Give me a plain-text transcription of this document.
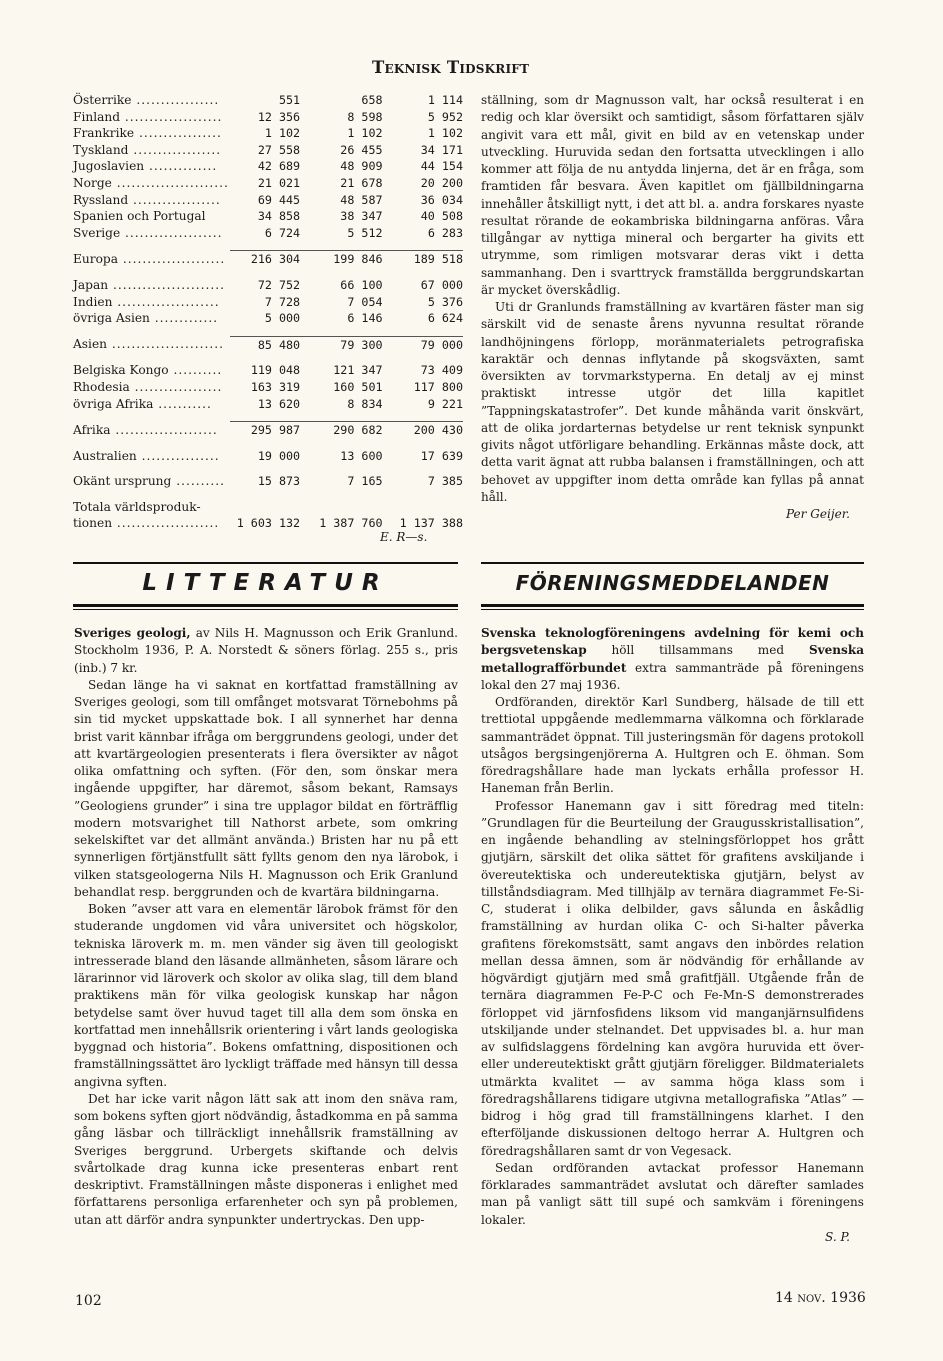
Teknisk Tidskrift
Österrike .................	551	658	1 114
Finland ....................	12 356	8 598	5 952
Frankrike .................	1 102	1 102	1 102
Tyskland ..................	27 558	26 455	34 171
Jugoslavien ..............	42 689	48 909	44 154
Norge .......................	21 021	21 678	20 200
Ryssland ..................	69 445	48 587	36 034
Spanien och Portugal	34 858	38 347	40 508
Sverige ....................	6 724	5 512	6 283

Europa .....................	216 304	199 846	189 518

Japan .......................	72 752	66 100	67 000
Indien .....................	7 728	7 054	5 376
övriga Asien .............	5 000	6 146	6 624

Asien .......................	85 480	79 300	79 000

Belgiska Kongo ..........	119 048	121 347	73 409
Rhodesia ..................	163 319	160 501	117 800
övriga Afrika ...........	13 620	8 834	9 221

Afrika .....................	295 987	290 682	200 430

Australien ................	19 000	13 600	17 639

Okänt ursprung ..........	15 873	7 165	7 385

Totala världsproduk-			
tionen .....................	1 603 132	1 387 760	1 137 388
E. R—s.

ställning, som dr Magnusson valt, har också resulterat i en redig och klar översikt och samtidigt, såsom författaren själv angivit vara ett mål, givit en bild av en vetenskap under utveckling. Huruvida sedan den fortsatta utvecklingen i allo kommer att följa de nu antydda linjerna, det är en fråga, som framtiden får besvara. Även kapitlet om fjällbildningarna innehåller åtskilligt nytt, i det att bl. a. andra forskares nyaste resultat rörande de eokambriska bildningarna anföras. Våra tillgångar av nyttiga mineral och bergarter ha givits ett utrymme, som rimligen motsvarar deras vikt i detta sammanhang. Den i svarttryck framställda berggrundskartan är mycket överskådlig.

Uti dr Granlunds framställning av kvartären fäster man sig särskilt vid de senaste årens nyvunna resultat rörande landhöjningens förlopp, moränmaterialets petrografiska karaktär och dennas inflytande på skogsväxten, samt översikten av torvmarkstyperna. En detalj av ej minst praktiskt intresse utgör det lilla kapitlet ”Tappningskatastrofer”. Det kunde måhända varit önskvärt, att de olika jordarternas betydelse ur rent teknisk synpunkt givits något utförligare behandling. Erkännas måste dock, att detta varit ägnat att rubba balansen i framställningen, och att behovet av uppgifter inom detta område kan fyllas på annat håll.

Per Geijer.
LITTERATUR	FÖRENINGSMEDDELANDEN

Sveriges geologi, av Nils H. Magnusson och Erik Granlund. Stockholm 1936, P. A. Norstedt & söners förlag. 255 s., pris (inb.) 7 kr.

Sedan länge ha vi saknat en kortfattad framställning av Sveriges geologi, som till omfånget motsvarat Törnebohms på sin tid mycket uppskattade bok. I all synnerhet har denna brist varit kännbar ifråga om berggrundens geologi, under det att kvartärgeologien presenterats i flera översikter av något olika omfattning och syften. (För den, som önskar mera ingående uppgifter, har däremot, såsom bekant, Ramsays ”Geologiens grunder” i sina tre upplagor bildat en förträfflig modern motsvarighet till Nathorst arbete, som omkring sekelskiftet var det allmänt använda.) Bristen har nu på ett synnerligen förtjänstfullt sätt fyllts genom den nya lärobok, i vilken statsgeologerna Nils H. Magnusson och Erik Granlund behandlat resp. berggrunden och de kvartära bildningarna.

Boken ”avser att vara en elementär lärobok främst för den studerande ungdomen vid våra universitet och högskolor, tekniska läroverk m. m. men vänder sig även till geologiskt intresserade bland den läsande allmänheten, såsom lärare och lärarinnor vid läroverk och skolor av olika slag, till dem bland praktikens män för vilka geologisk kunskap har någon betydelse samt över huvud taget till alla dem som önska en kortfattad men innehållsrik orientering i vårt lands geologiska byggnad och historia”. Bokens omfattning, dispositionen och framställningssättet äro lyckligt träffade med hänsyn till dessa angivna syften.

Det har icke varit någon lätt sak att inom den snäva ram, som bokens syften gjort nödvändig, åstadkomma en på samma gång läsbar och tillräckligt innehållsrik framställning av Sveriges berggrund. Urbergets skiftande och delvis svårtolkade drag kunna icke presenteras enbart rent deskriptivt. Framställningen måste disponeras i enlighet med författarens personliga erfarenheter och syn på problemen, utan att därför andra synpunkter undertryckas. Den upp-

Svenska teknologföreningens avdelning för kemi och bergsvetenskap höll tillsammans med Svenska metallografförbundet extra sammanträde på föreningens lokal den 27 maj 1936.

Ordföranden, direktör Karl Sundberg, hälsade de till ett trettiotal uppgående medlemmarna välkomna och förklarade sammanträdet öppnat. Till justeringsmän för dagens protokoll utsågos bergsingenjörerna A. Hultgren och E. öhman. Som föredragshållare hade man lyckats erhålla professor H. Haneman från Berlin.

Professor Hanemann gav i sitt föredrag med titeln: ”Grundlagen für die Beurteilung der Graugusskristallisation”, en ingående behandling av stelningsförloppet hos grått gjutjärn, särskilt det olika sättet för grafitens avskiljande i övereutektiska och undereutektiska gjutjärn, belyst av tillståndsdiagram. Med tillhjälp av ternära diagrammet Fe-Si-C, studerat i olika delbilder, gavs sålunda en åskådlig framställning av hurdan olika C- och Si-halter påverka grafitens förekomstsätt, samt angavs den inbördes relation mellan dessa ämnen, som är nödvändig för erhållande av högvärdigt gjutjärn med små grafitfjäll. Utgående från de ternära diagrammen Fe-P-C och Fe-Mn-S demonstrerades förloppet vid järnfosfidens liksom vid manganjärnsulfidens utskiljande under stelnandet. Det uppvisades bl. a. hur man av sulfidslaggens fördelning kan avgöra huruvida ett över- eller undereutektiskt grått gjutjärn föreligger. Bildmaterialets utmärkta kvalitet — av samma höga klass som i föredragshållarens tidigare utgivna metallografiska ”Atlas” — bidrog i hög grad till framställningens klarhet. I den efterföljande diskussionen deltogo herrar A. Hultgren och föredragshållaren samt dr von Vegesack.

Sedan ordföranden avtackat professor Hanemann förklarades sammanträdet avslutat och därefter samlades man på vanligt sätt till supé och samkväm i föreningens lokaler.

S. P.
102	14 nov. 1936
